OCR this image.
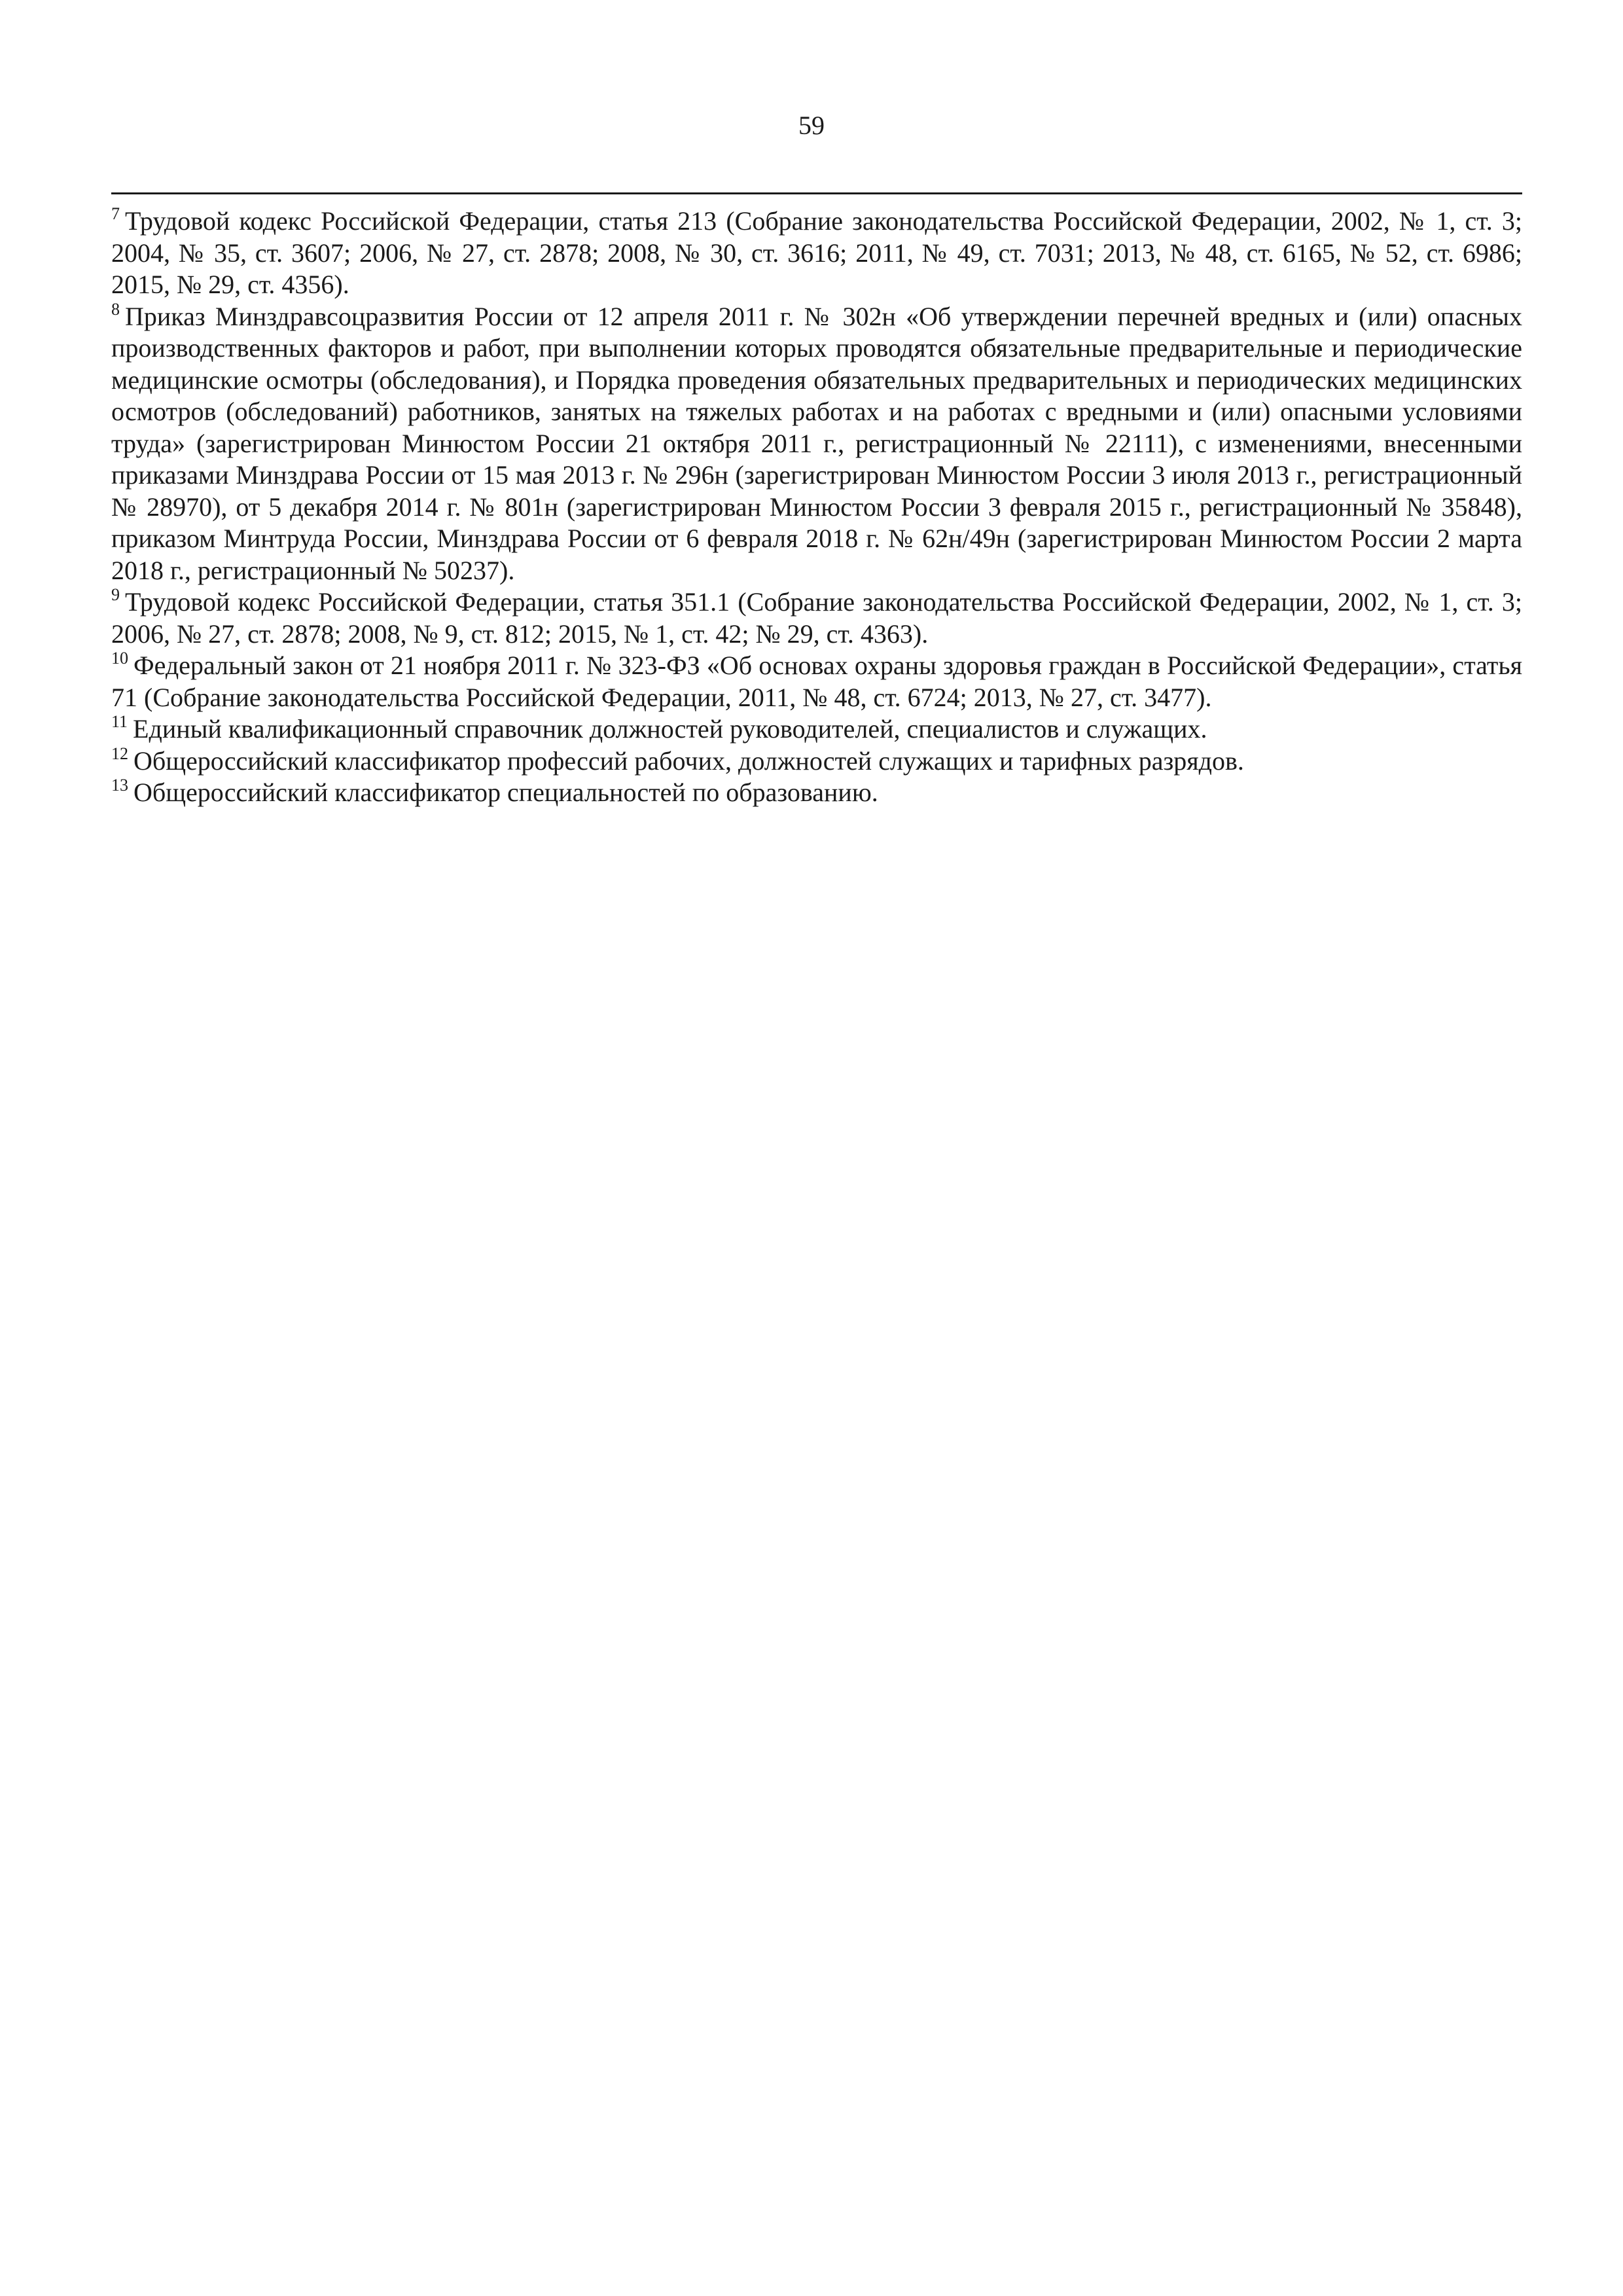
59

$^7$ Трудовой кодекс Российской Федерации, статья 213 (Собрание законодательства Российской Федерации, 2002, № 1, ст. 3; 2004, № 35, ст. 3607; 2006, № 27, ст. 2878; 2008, № 30, ст. 3616; 2011, № 49, ст. 7031; 2013, № 48, ст. 6165, № 52, ст. 6986; 2015, № 29, ст. 4356).

$^8$ Приказ Минздравсоцразвития России от 12 апреля 2011 г. № 302н «Об утверждении перечней вредных и (или) опасных производственных факторов и работ, при выполнении которых проводятся обязательные предварительные и периодические медицинские осмотры (обследования), и Порядка проведения обязательных предварительных и периодических медицинских осмотров (обследований) работников, занятых на тяжелых работах и на работах с вредными и (или) опасными условиями труда» (зарегистрирован Минюстом России 21 октября 2011 г., регистрационный № 22111), с изменениями, внесенными приказами Минздрава России от 15 мая 2013 г. № 296н (зарегистрирован Минюстом России 3 июля 2013 г., регистрационный № 28970), от 5 декабря 2014 г. № 801н (зарегистрирован Минюстом России 3 февраля 2015 г., регистрационный № 35848), приказом Минтруда России, Минздрава России от 6 февраля 2018 г. № 62н/49н (зарегистрирован Минюстом России 2 марта 2018 г., регистрационный № 50237).

$^9$ Трудовой кодекс Российской Федерации, статья 351.1 (Собрание законодательства Российской Федерации, 2002, № 1, ст. 3; 2006, № 27, ст. 2878; 2008, № 9, ст. 812; 2015, № 1, ст. 42; № 29, ст. 4363).

$^{10}$ Федеральный закон от 21 ноября 2011 г. № 323-ФЗ «Об основах охраны здоровья граждан в Российской Федерации», статья 71 (Собрание законодательства Российской Федерации, 2011, № 48, ст. 6724; 2013, № 27, ст. 3477).

$^{11}$ Единый квалификационный справочник должностей руководителей, специалистов и служащих.

$^{12}$ Общероссийский классификатор профессий рабочих, должностей служащих и тарифных разрядов.

$^{13}$ Общероссийский классификатор специальностей по образованию.
